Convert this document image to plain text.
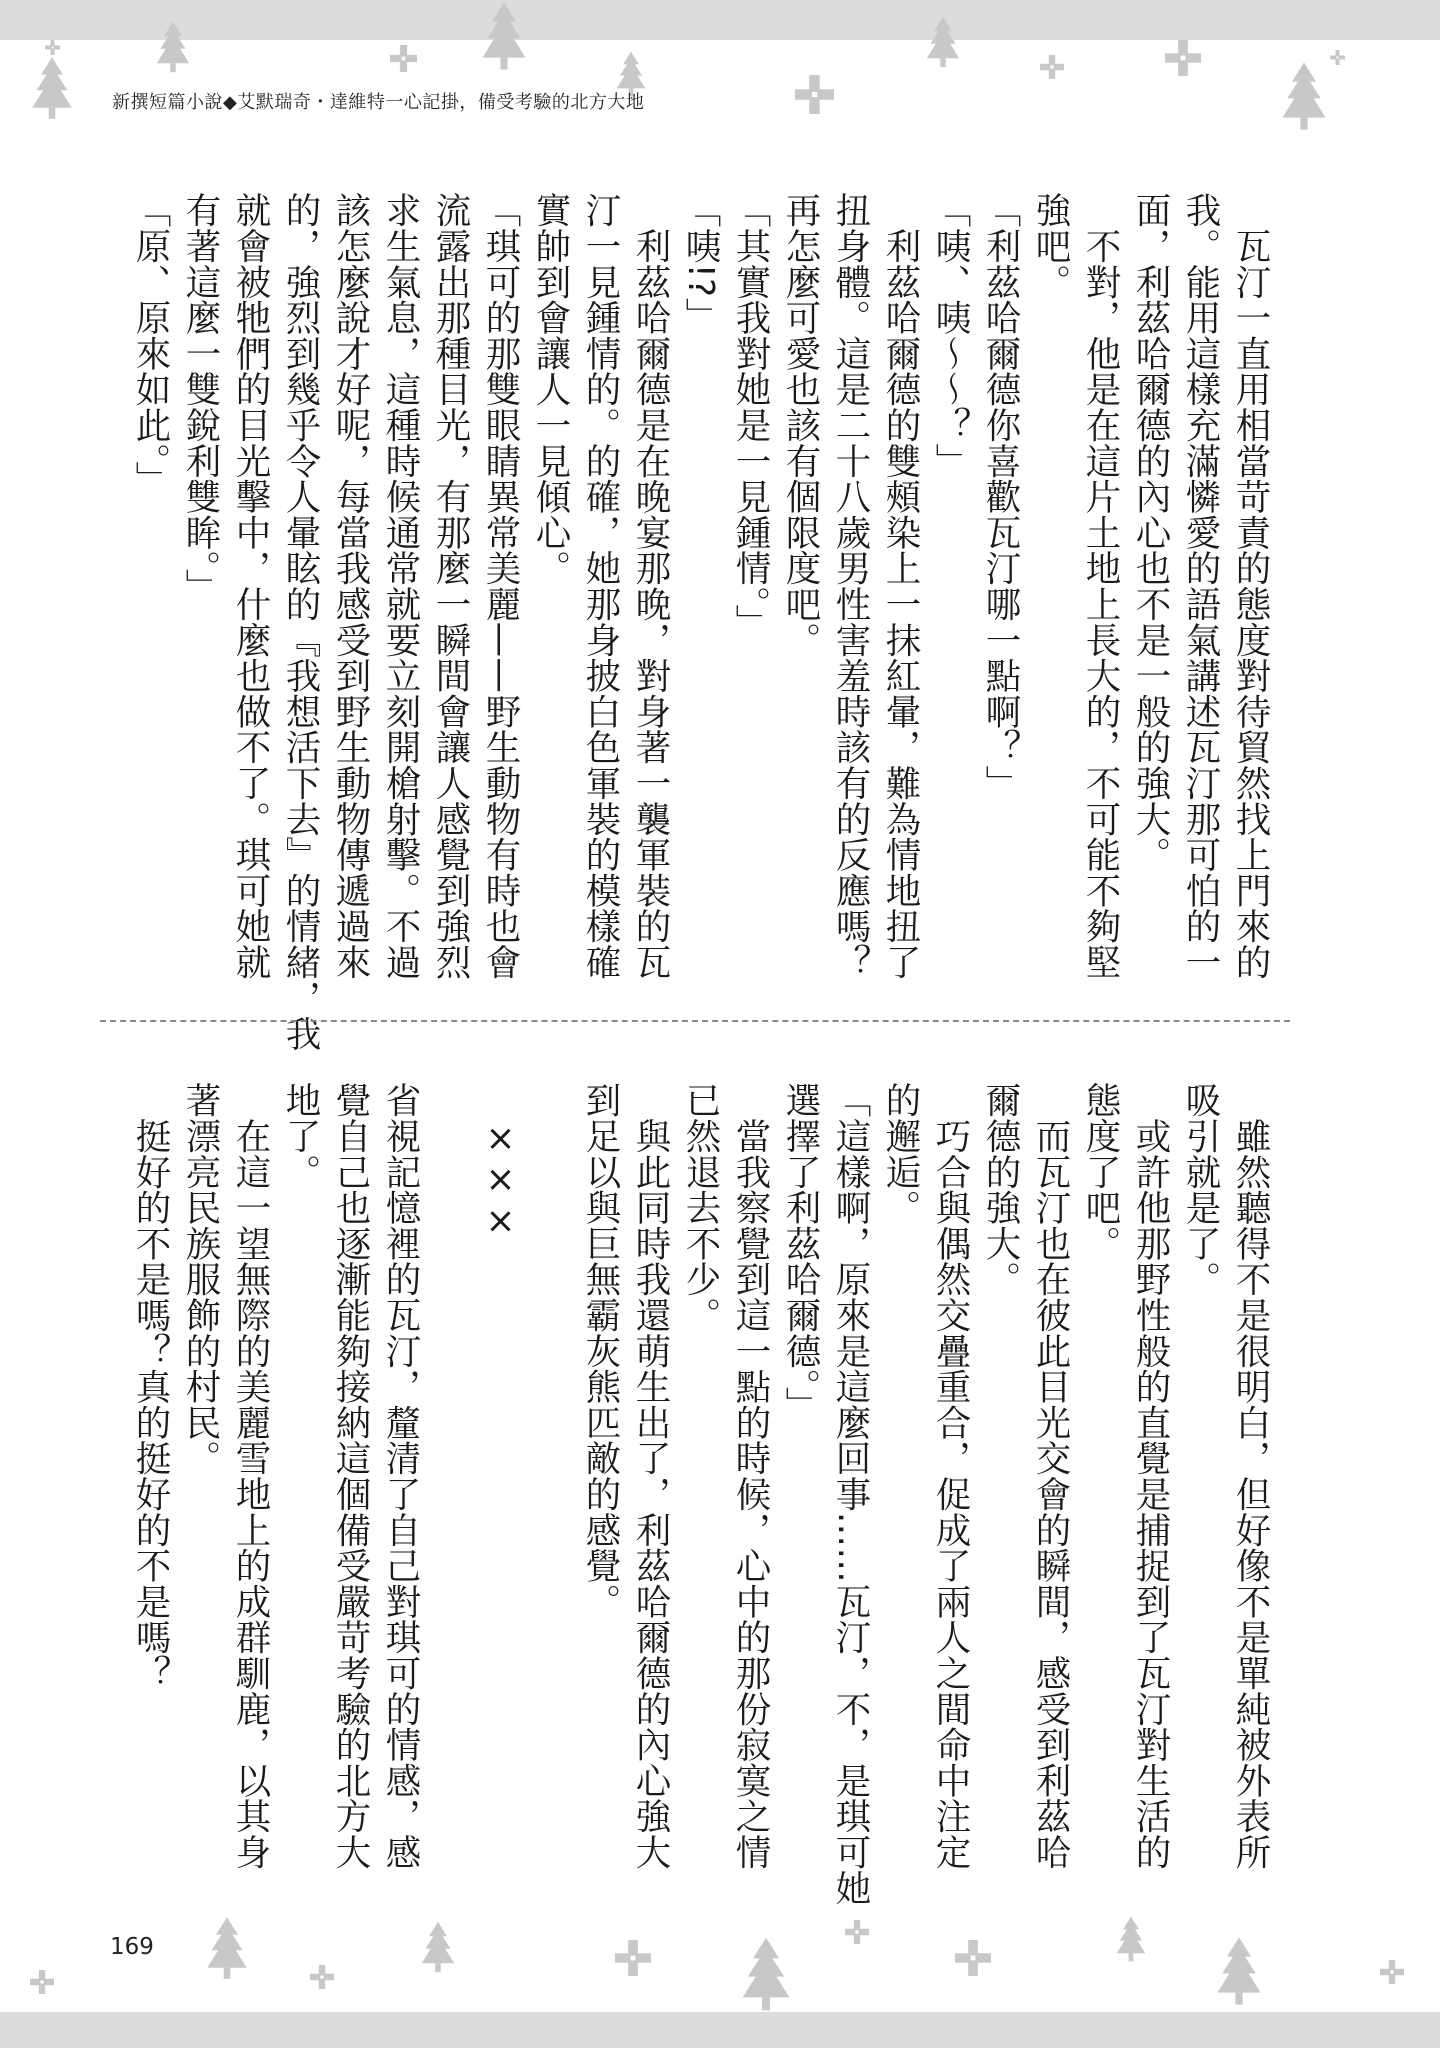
新撰短篇小說◆艾默瑞奇・達維特一心記掛，備受考驗的北方大地
　瓦汀一直用相當苛責的態度對待貿然找上門來的
我。能用這樣充滿憐愛的語氣講述瓦汀那可怕的一
面，利茲哈爾德的內心也不是一般的強大。
　不對，他是在這片土地上長大的，不可能不夠堅
強吧。
「利茲哈爾德你喜歡瓦汀哪一點啊？」
「咦、咦〜〜？」
　利茲哈爾德的雙頰染上一抹紅暈，難為情地扭了
扭身體。這是二十八歲男性害羞時該有的反應嗎？
再怎麼可愛也該有個限度吧。
「其實我對她是一見鍾情。」
「咦!?」
　利茲哈爾德是在晚宴那晚，對身著一襲軍裝的瓦
汀一見鍾情的。的確，她那身披白色軍裝的模樣確
實帥到會讓人一見傾心。
「琪可的那雙眼睛異常美麗——野生動物有時也會
流露出那種目光，有那麼一瞬間會讓人感覺到強烈
求生氣息，這種時候通常就要立刻開槍射擊。不過
該怎麼說才好呢，每當我感受到野生動物傳遞過來
的，強烈到幾乎令人暈眩的『我想活下去』的情緒，我
就會被牠們的目光擊中，什麼也做不了。琪可她就
有著這麼一雙銳利雙眸。」
「原、原來如此。」
　雖然聽得不是很明白，但好像不是單純被外表所
吸引就是了。
　或許他那野性般的直覺是捕捉到了瓦汀對生活的
態度了吧。
　而瓦汀也在彼此目光交會的瞬間，感受到利茲哈
爾德的強大。
　巧合與偶然交疊重合，促成了兩人之間命中注定
的邂逅。
「這樣啊，原來是這麼回事……瓦汀，不，是琪可她
選擇了利茲哈爾德。」
　當我察覺到這一點的時候，心中的那份寂寞之情
已然退去不少。
　與此同時我還萌生出了，利茲哈爾德的內心強大
到足以與巨無霸灰熊匹敵的感覺。
　×××
省視記憶裡的瓦汀，釐清了自己對琪可的情感，感
覺自己也逐漸能夠接納這個備受嚴苛考驗的北方大
地了。
　在這一望無際的美麗雪地上的成群馴鹿，以其身
著漂亮民族服飾的村民。
　挺好的不是嗎？真的挺好的不是嗎？
169
